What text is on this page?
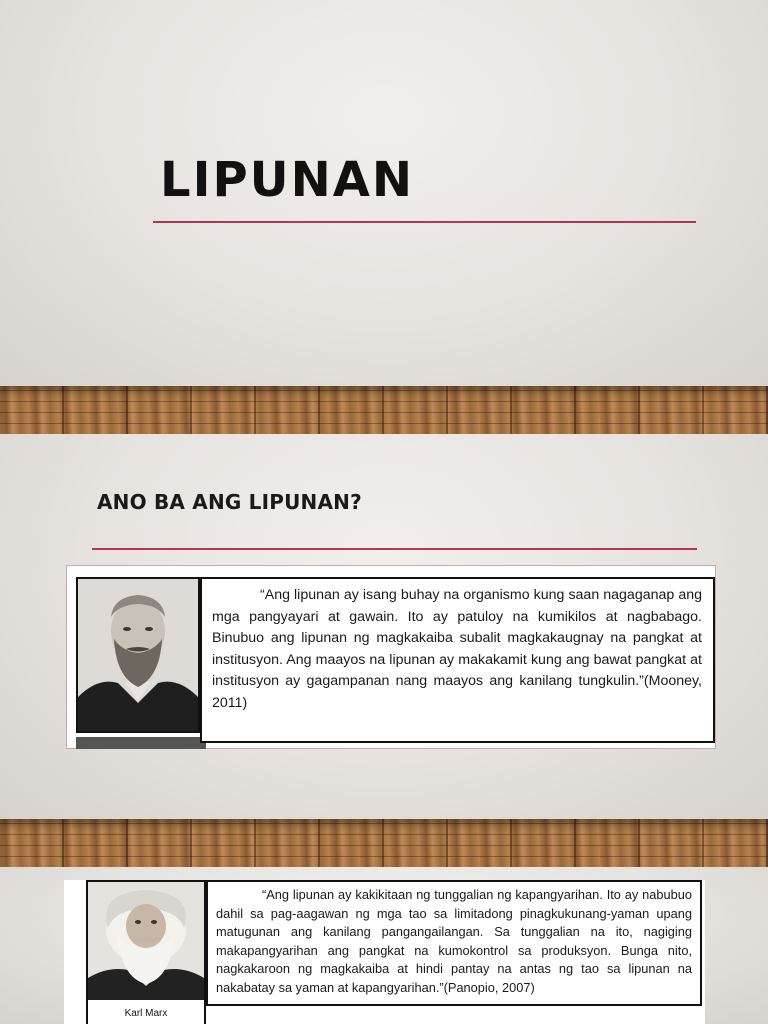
LIPUNAN
ANO BA ANG LIPUNAN?

“Ang lipunan ay isang buhay na organismo kung saan nagaganap ang mga pangyayari at gawain. Ito ay patuloy na kumikilos at nagbabago. Binubuo ang lipunan ng magkakaiba subalit magkakaugnay na pangkat at institusyon. Ang maayos na lipunan ay makakamit kung ang bawat pangkat at institusyon ay gagampanan nang maayos ang kanilang tungkulin.”(Mooney, 2011)

Karl Marx

“Ang lipunan ay kakikitaan ng tunggalian ng kapangyarihan. Ito ay nabubuo dahil sa pag-aagawan ng mga tao sa limitadong pinagkukunang-yaman upang matugunan ang kanilang pangangailangan. Sa tunggalian na ito, nagiging makapangyarihan ang pangkat na kumokontrol sa produksyon. Bunga nito, nagkakaroon ng magkakaiba at hindi pantay na antas ng tao sa lipunan na nakabatay sa yaman at kapangyarihan.”(Panopio, 2007)
